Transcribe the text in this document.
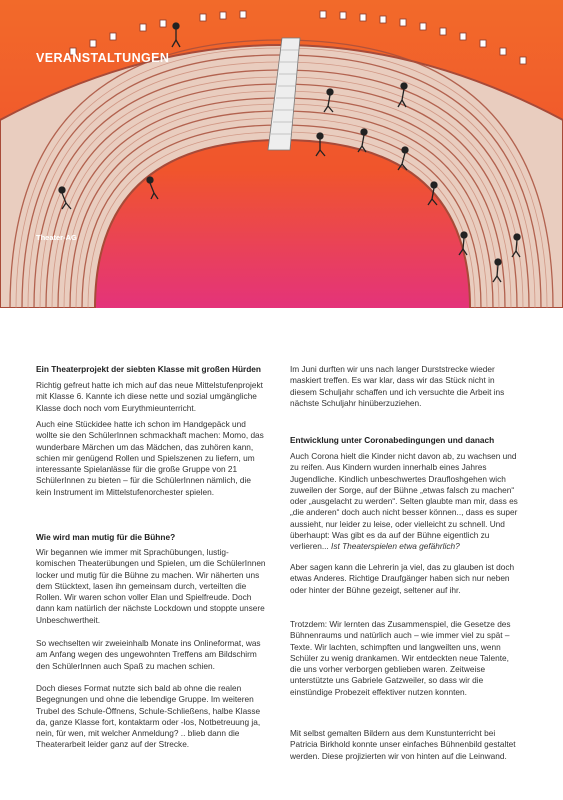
VERANSTALTUNGEN
Theater-AG

Ein Theaterprojekt der siebten Klasse mit großen Hürden

Richtig gefreut hatte ich mich auf das neue Mittelstufenprojekt mit Klasse 6. Kannte ich diese nette und sozial umgängliche Klasse doch noch vom Eurythmieunterricht.

Auch eine Stückidee hatte ich schon im Handgepäck und wollte sie den SchülerInnen schmackhaft machen: Momo, das wunderbare Märchen um das Mädchen, das zuhören kann, schien mir genügend Rollen und Spielszenen zu liefern, um interessante Spielanlässe für die große Gruppe von 21 SchülerInnen zu bieten – für die SchülerInnen nämlich, die kein Instrument im Mittelstufenorchester spielen.

Wie wird man mutig für die Bühne?

Wir begannen wie immer mit Sprachübungen, lustig-komischen Theaterübungen und Spielen, um die SchülerInnen locker und mutig für die Bühne zu machen. Wir näherten uns dem Stücktext, lasen ihn gemeinsam durch, verteilten die Rollen. Wir waren schon voller Elan und Spielfreude. Doch dann kam natürlich der nächste Lockdown und stoppte unsere Unbeschwertheit.

So wechselten wir zweieinhalb Monate ins Onlineformat, was am Anfang wegen des ungewohnten Treffens am Bildschirm den SchülerInnen auch Spaß zu machen schien.

Doch dieses Format nutzte sich bald ab ohne die realen Begegnungen und ohne die lebendige Gruppe. Im weiteren Trubel des Schule-Öffnens, Schule-Schließens, halbe Klasse da, ganze Klasse fort, kontaktarm oder -los, Notbetreuung ja, nein, für wen, mit welcher Anmeldung? .. blieb dann die Theaterarbeit leider ganz auf der Strecke.

Im Juni durften wir uns nach langer Durststrecke wieder maskiert treffen. Es war klar, dass wir das Stück nicht in diesem Schuljahr schaffen und ich versuchte die Arbeit ins nächste Schuljahr hinüberzuziehen.

Entwicklung unter Coronabedingungen und danach

Auch Corona hielt die Kinder nicht davon ab, zu wachsen und zu reifen. Aus Kindern wurden innerhalb eines Jahres Jugendliche. Kindlich unbeschwertes Draufloshgehen wich zuweilen der Sorge, auf der Bühne „etwas falsch zu machen“ oder „ausgelacht zu werden“. Selten glaubte man mir, dass es „die anderen“ doch auch nicht besser können.., dass es super aussieht, nur leider zu leise, oder vielleicht zu schnell. Und überhaupt: Was gibt es da auf der Bühne eigentlich zu verlieren... Ist Theaterspielen etwa gefährlich?

Aber sagen kann die Lehrerin ja viel, das zu glauben ist doch etwas Anderes. Richtige Draufgänger haben sich nur neben oder hinter der Bühne gezeigt, seltener auf ihr.

Trotzdem: Wir lernten das Zusammenspiel, die Gesetze des Bühnenraums und natürlich auch – wie immer viel zu spät – Texte. Wir lachten, schimpften und langweilten uns, wenn Schüler zu wenig drankamen. Wir entdeckten neue Talente, die uns vorher verborgen geblieben waren. Zeitweise unterstützte uns Gabriele Gatzweiler, so dass wir die einstündige Probezeit effektiver nutzen konnten.

Mit selbst gemalten Bildern aus dem Kunstunterricht bei Patricia Birkhold konnte unser einfaches Bühnenbild gestaltet werden. Diese projizierten wir von hinten auf die Leinwand.
